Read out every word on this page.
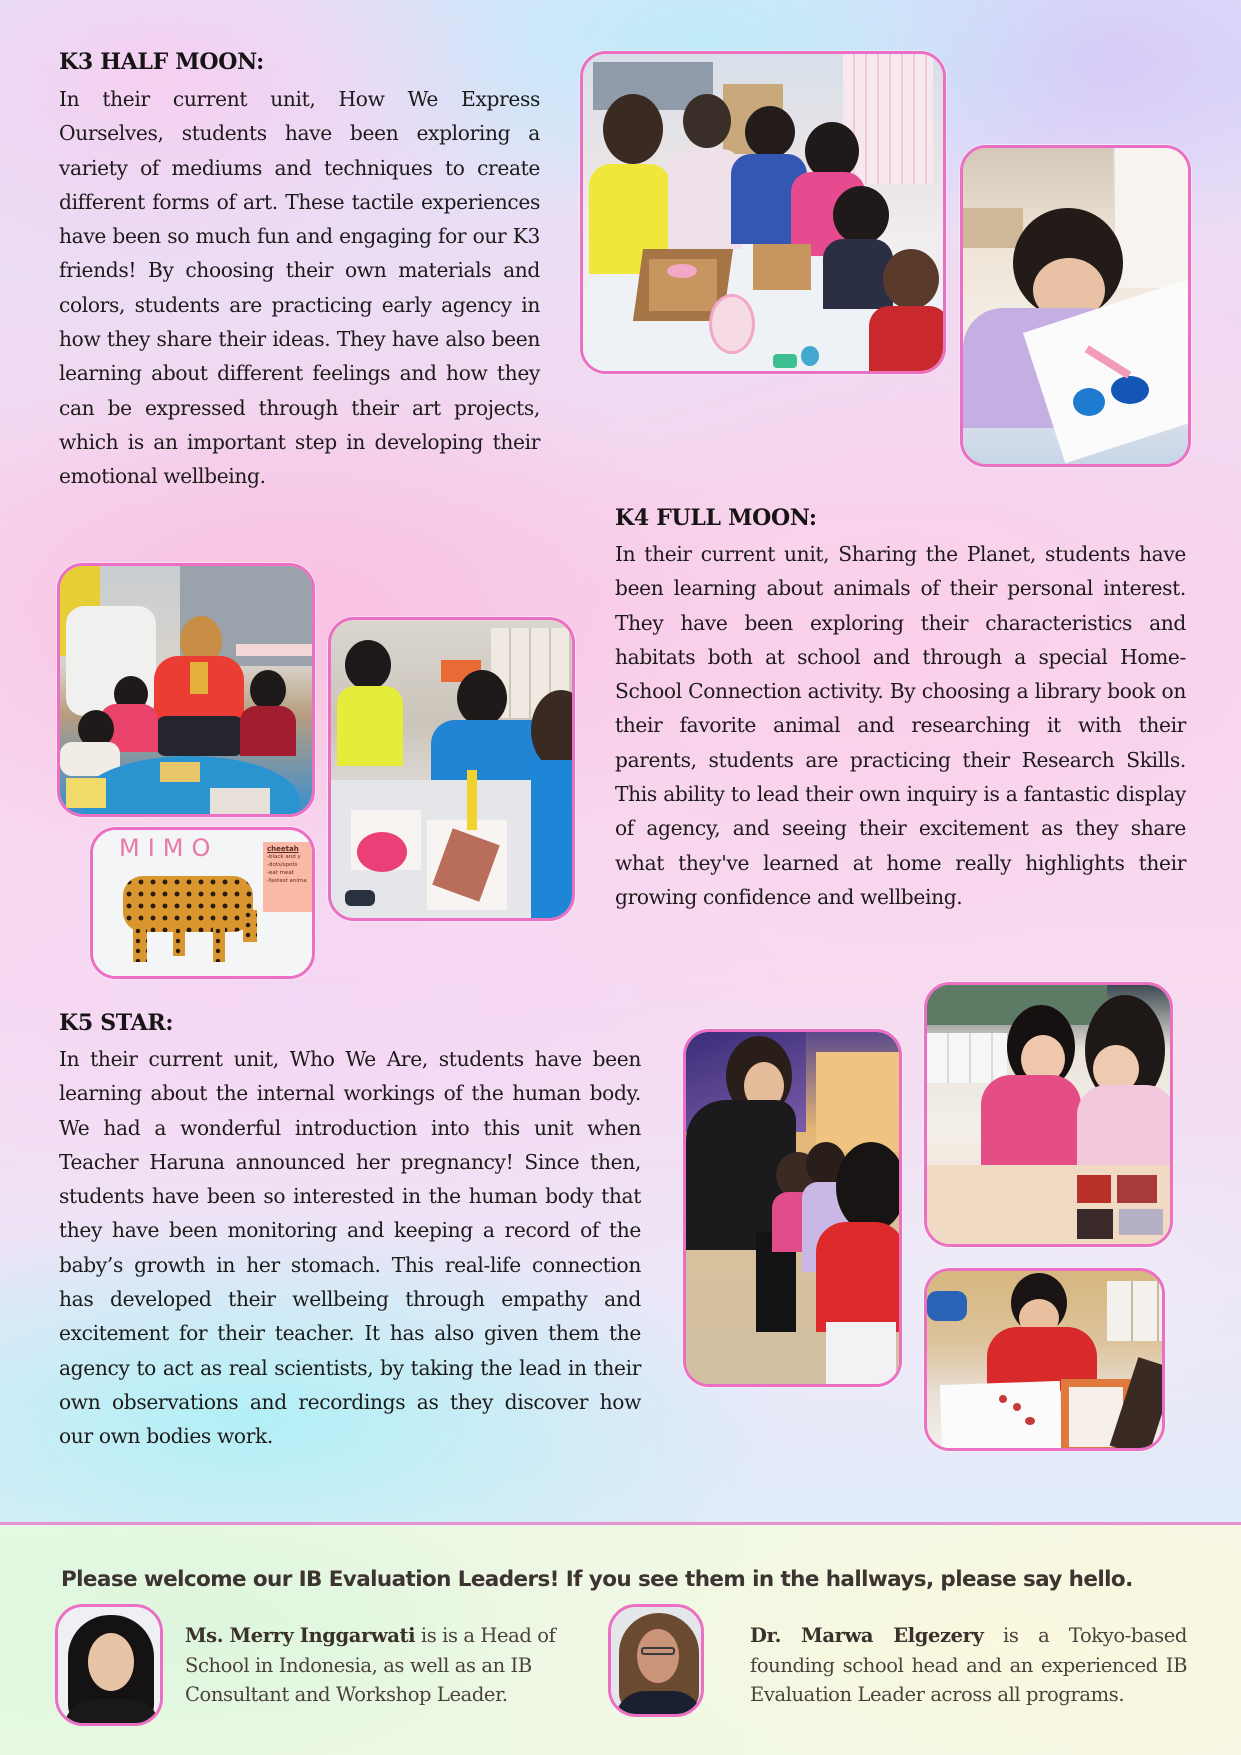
K3 HALF MOON:
In their current unit, How We Express Ourselves, students have been exploring a variety of mediums and techniques to create different forms of art. These tactile experiences have been so much fun and engaging for our K3 friends! By choosing their own materials and colors, students are practicing early agency in how they share their ideas. They have also been learning about different feelings and how they can be expressed through their art projects, which is an important step in developing their emotional wellbeing.
K4 FULL MOON:
In their current unit, Sharing the Planet, students have been learning about animals of their personal interest. They have been exploring their characteristics and habitats both at school and through a special Home-School Connection activity. By choosing a library book on their favorite animal and researching it with their parents, students are practicing their Research Skills. This ability to lead their own inquiry is a fantastic display of agency, and seeing their excitement as they share what they've learned at home really highlights their growing confidence and wellbeing.
MIMO	cheetah
-black and y
-dots/spots
-eat meat
-fastest anima
K5 STAR:
In their current unit, Who We Are, students have been learning about the internal workings of the human body. We had a wonderful introduction into this unit when Teacher Haruna announced her pregnancy! Since then, students have been so interested in the human body that they have been monitoring and keeping a record of the baby’s growth in her stomach. This real-life connection has developed their wellbeing through empathy and excitement for their teacher. It has also given them the agency to act as real scientists, by taking the lead in their own observations and recordings as they discover how our own bodies work.
Please welcome our IB Evaluation Leaders! If you see them in the hallways, please say hello.
Ms. Merry Inggarwati is is a Head of School in Indonesia, as well as an IB Consultant and Workshop Leader.
Dr. Marwa Elgezery is a Tokyo-based founding school head and an experienced IB Evaluation Leader across all programs.
